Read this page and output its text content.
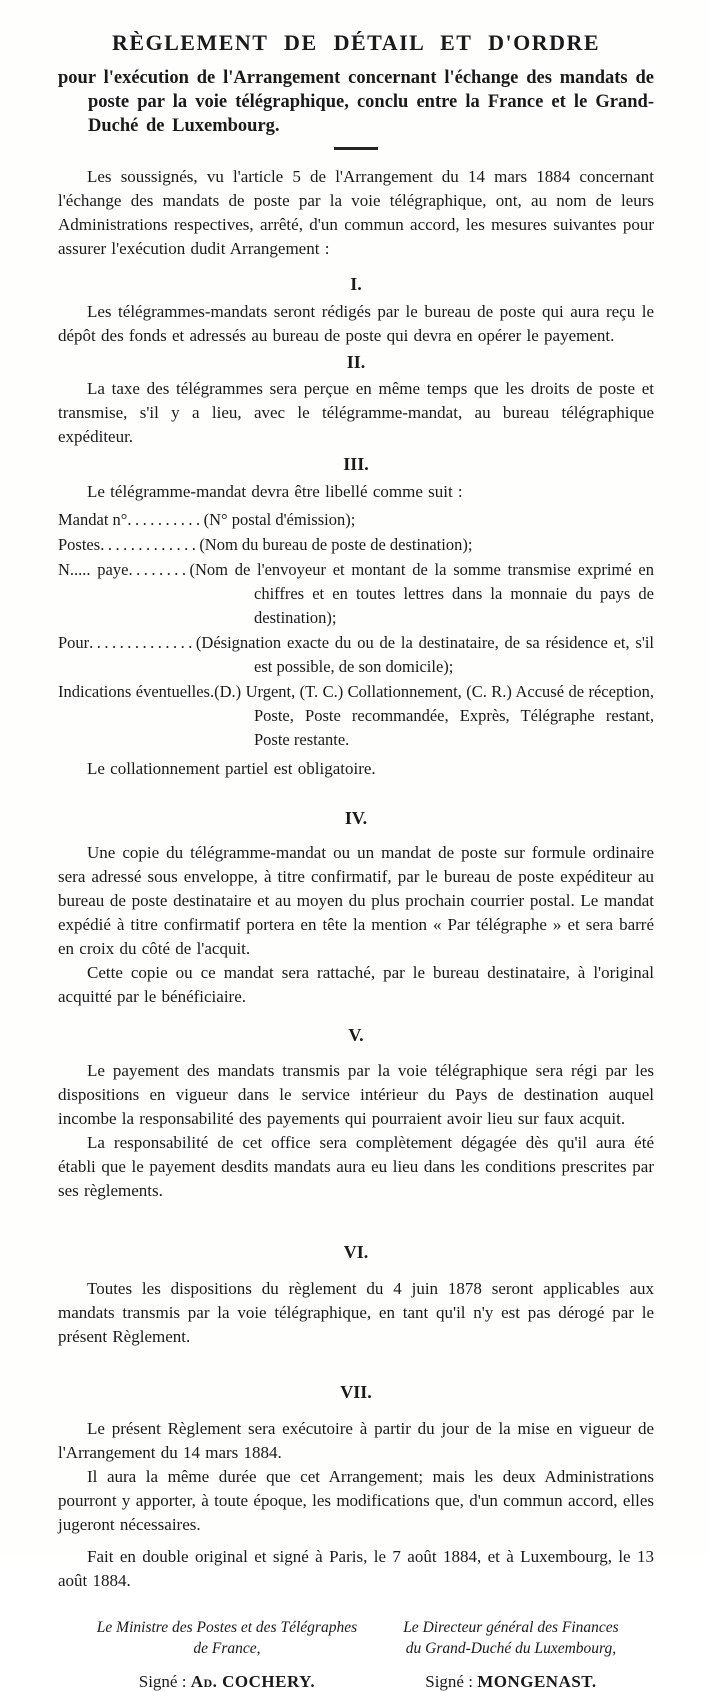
RÈGLEMENT DE DÉTAIL ET D'ORDRE
pour l'exécution de l'Arrangement concernant l'échange des mandats de poste par la voie télégraphique, conclu entre la France et le Grand-Duché de Luxembourg.

Les soussignés, vu l'article 5 de l'Arrangement du 14 mars 1884 concernant l'échange des mandats de poste par la voie télégraphique, ont, au nom de leurs Administrations respectives, arrêté, d'un commun accord, les mesures suivantes pour assurer l'exécution dudit Arrangement :

I.

Les télégrammes-mandats seront rédigés par le bureau de poste qui aura reçu le dépôt des fonds et adressés au bureau de poste qui devra en opérer le payement.

II.

La taxe des télégrammes sera perçue en même temps que les droits de poste et transmise, s'il y a lieu, avec le télégramme-mandat, au bureau télégraphique expéditeur.

III.

Le télégramme-mandat devra être libellé comme suit :

Mandat n°..........(N° postal d'émission);
Postes.............(Nom du bureau de poste de destination);
N..... paye........(Nom de l'envoyeur et montant de la somme transmise exprimé en chiffres et en toutes lettres dans la monnaie du pays de destination);
Pour..............(Désignation exacte du ou de la destinataire, de sa résidence et, s'il est possible, de son domicile);
Indications éventuelles.(D.) Urgent, (T. C.) Collationnement, (C. R.) Accusé de réception, Poste, Poste recommandée, Exprès, Télégraphe restant, Poste restante.

Le collationnement partiel est obligatoire.

IV.

Une copie du télégramme-mandat ou un mandat de poste sur formule ordinaire sera adressé sous enveloppe, à titre confirmatif, par le bureau de poste expéditeur au bureau de poste destinataire et au moyen du plus prochain courrier postal. Le mandat expédié à titre confirmatif portera en tête la mention « Par télégraphe » et sera barré en croix du côté de l'acquit.

Cette copie ou ce mandat sera rattaché, par le bureau destinataire, à l'original acquitté par le bénéficiaire.

V.

Le payement des mandats transmis par la voie télégraphique sera régi par les dispositions en vigueur dans le service intérieur du Pays de destination auquel incombe la responsabilité des payements qui pourraient avoir lieu sur faux acquit.

La responsabilité de cet office sera complètement dégagée dès qu'il aura été établi que le payement desdits mandats aura eu lieu dans les conditions prescrites par ses règlements.

VI.

Toutes les dispositions du règlement du 4 juin 1878 seront applicables aux mandats transmis par la voie télégraphique, en tant qu'il n'y est pas dérogé par le présent Règlement.

VII.

Le présent Règlement sera exécutoire à partir du jour de la mise en vigueur de l'Arrangement du 14 mars 1884.

Il aura la même durée que cet Arrangement; mais les deux Administrations pourront y apporter, à toute époque, les modifications que, d'un commun accord, elles jugeront nécessaires.

Fait en double original et signé à Paris, le 7 août 1884, et à Luxembourg, le 13 août 1884.

Le Ministre des Postes et des Télégraphes
de France,
Signé : Ad. COCHERY.
Le Directeur général des Finances
du Grand-Duché du Luxembourg,
Signé : MONGENAST.
